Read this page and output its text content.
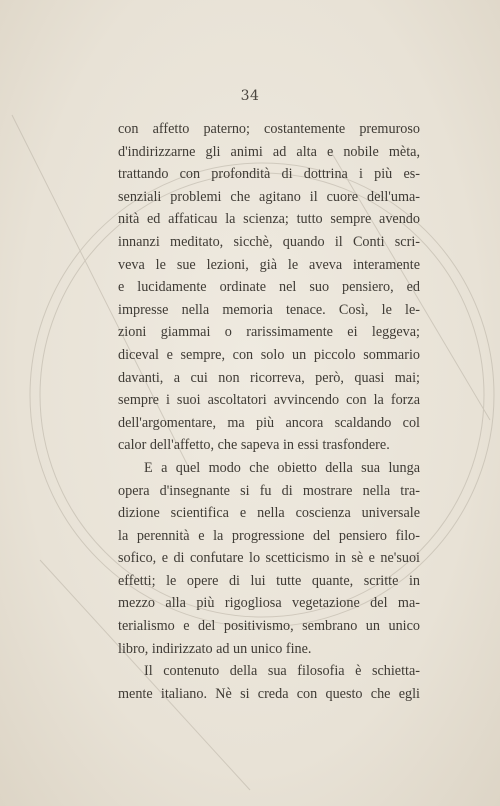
34
con affetto paterno; costantemente premuroso
d'indirizzarne gli animi ad alta e nobile mèta,
trattando con profondità di dottrina i più es-
senziali problemi che agitano il cuore dell'uma-
nità ed affaticau la scienza; tutto sempre avendo
innanzi meditato, sicchè, quando il Conti scri-
veva le sue lezioni, già le aveva interamente
e lucidamente ordinate nel suo pensiero, ed
impresse nella memoria tenace. Così, le le-
zioni giammai o rarissimamente ei leggeva;
diceval e sempre, con solo un piccolo sommario
davanti, a cui non ricorreva, però, quasi mai;
sempre i suoi ascoltatori avvincendo con la forza
dell'argomentare, ma più ancora scaldando col
calor dell'affetto, che sapeva in essi trasfondere.
E a quel modo che obietto della sua lunga
opera d'insegnante si fu di mostrare nella tra-
dizione scientifica e nella coscienza universale
la perennità e la progressione del pensiero filo-
sofico, e di confutare lo scetticismo in sè e ne'suoi
effetti; le opere di lui tutte quante, scritte in
mezzo alla più rigogliosa vegetazione del ma-
terialismo e del positivismo, sembrano un unico
libro, indirizzato ad un unico fine.
Il contenuto della sua filosofia è schietta-
mente italiano. Nè si creda con questo che egli
